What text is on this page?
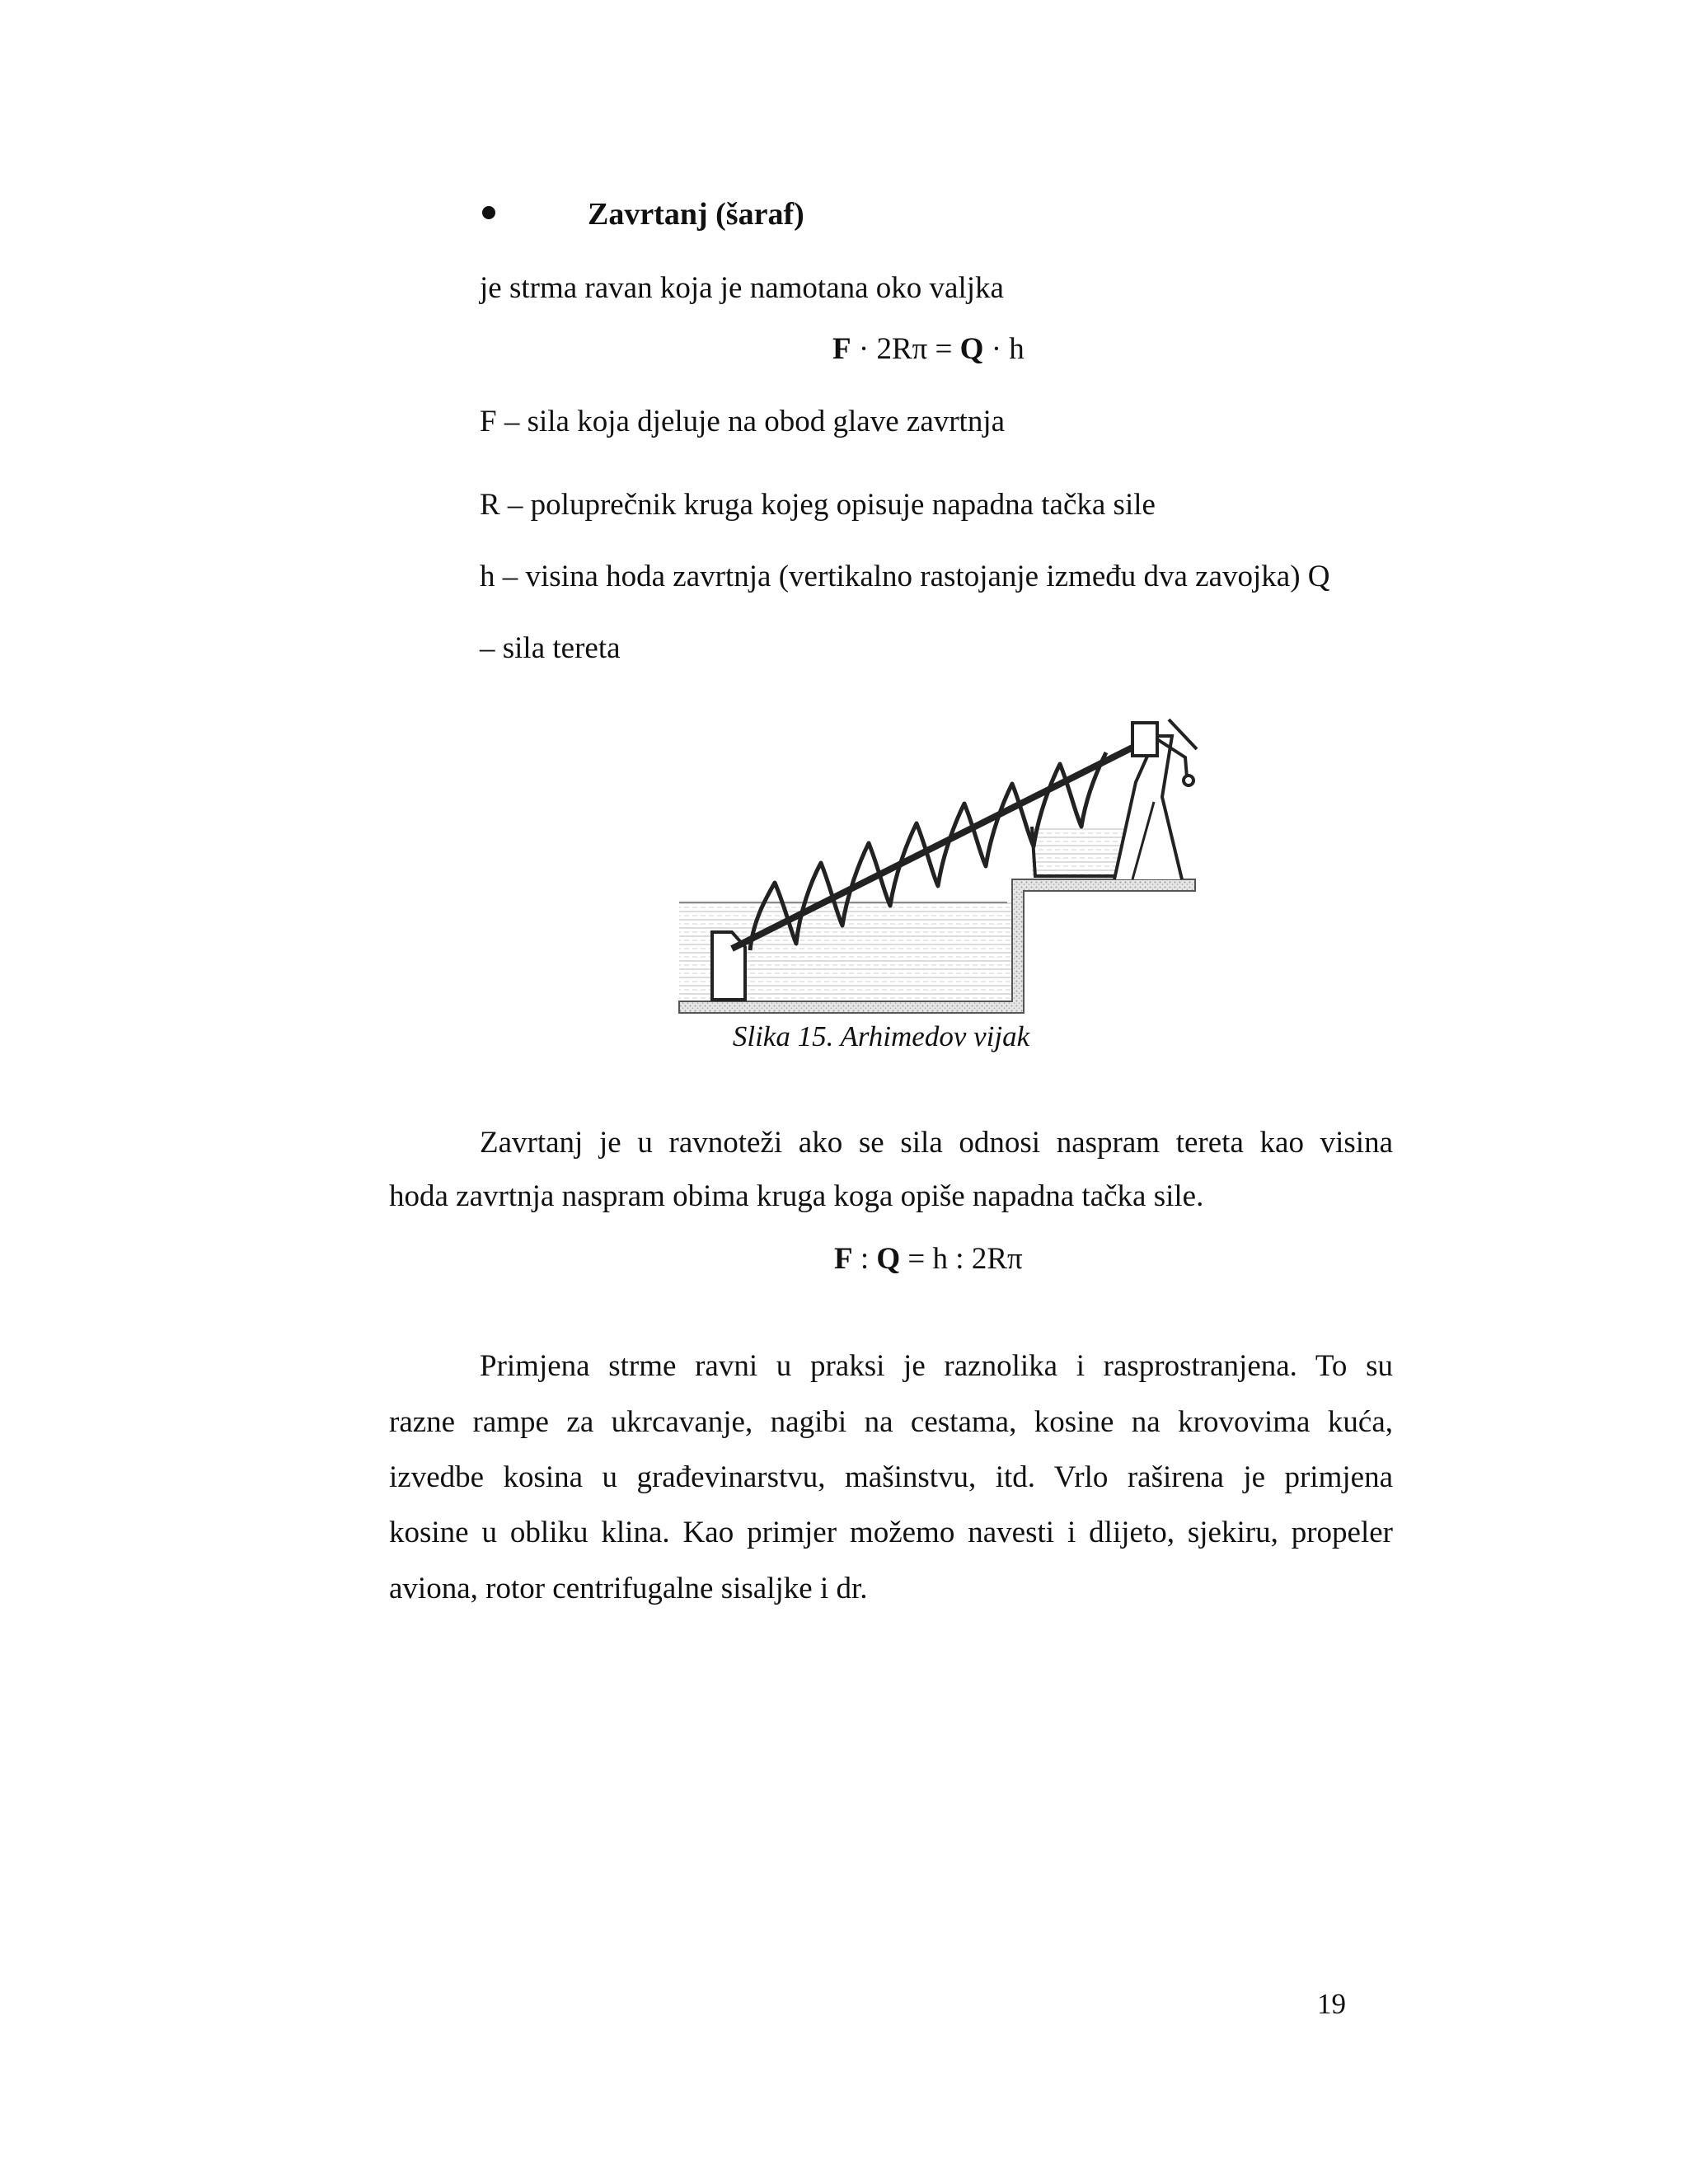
Zavrtanj (šaraf)
je strma ravan koja je namotana oko valjka
F · 2Rπ = Q · h
F – sila koja djeluje na obod glave zavrtnja
R – poluprečnik kruga kojeg opisuje napadna tačka sile
h – visina hoda zavrtnja (vertikalno rastojanje između dva zavojka) Q
– sila tereta
Slika 15. Arhimedov vijak
Zavrtanj je u ravnoteži ako se sila odnosi naspram tereta kao visina
hoda zavrtnja naspram obima kruga koga opiše napadna tačka sile.
F : Q = h : 2Rπ
Primjena strme ravni u praksi je raznolika i rasprostranjena. To su
razne rampe za ukrcavanje, nagibi na cestama, kosine na krovovima kuća,
izvedbe kosina u građevinarstvu, mašinstvu, itd. Vrlo raširena je primjena
kosine u obliku klina. Kao primjer možemo navesti i dlijeto, sjekiru, propeler
aviona, rotor centrifugalne sisaljke i dr.
19
